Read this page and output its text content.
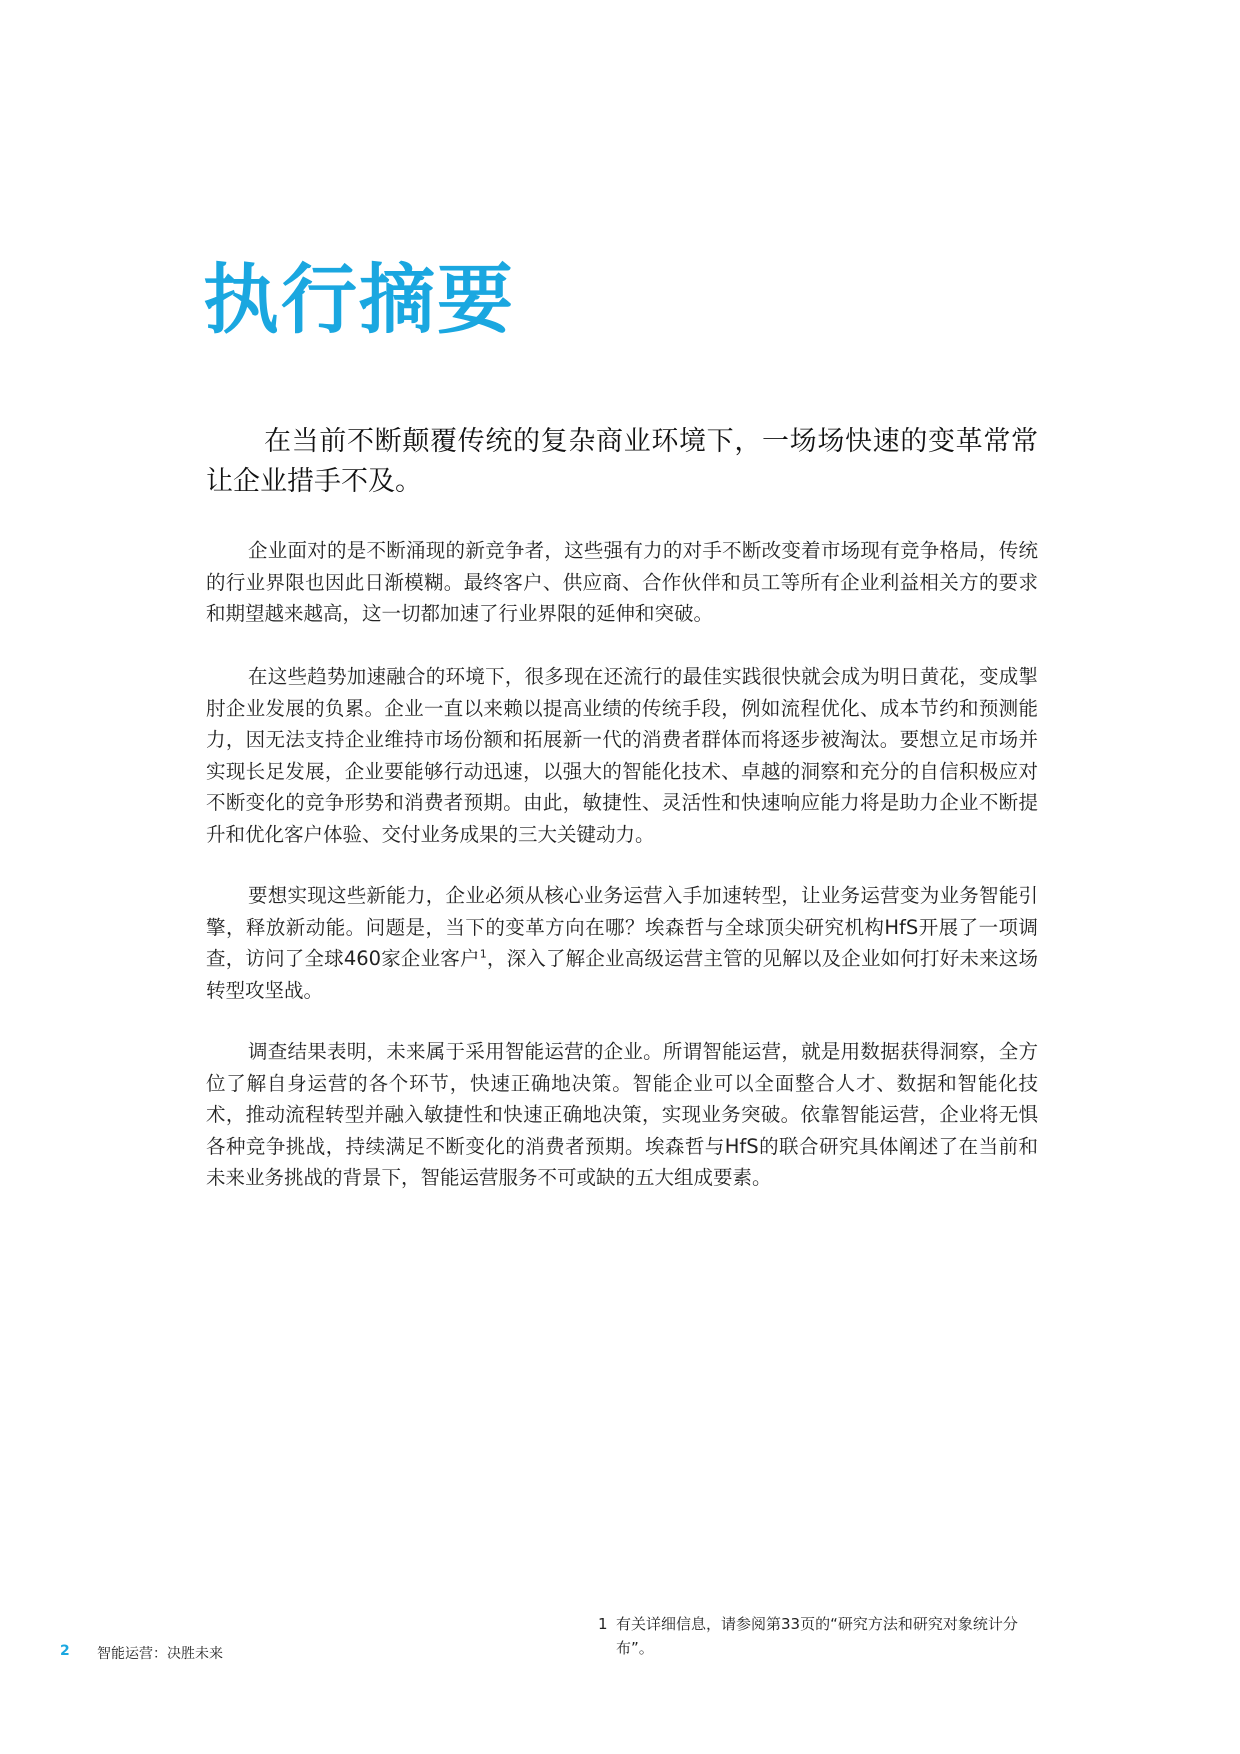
执行摘要

在当前不断颠覆传统的复杂商业环境下，一场场快速的变革常常让企业措手不及。

企业面对的是不断涌现的新竞争者，这些强有力的对手不断改变着市场现有竞争格局，传统的行业界限也因此日渐模糊。最终客户、供应商、合作伙伴和员工等所有企业利益相关方的要求和期望越来越高，这一切都加速了行业界限的延伸和突破。

在这些趋势加速融合的环境下，很多现在还流行的最佳实践很快就会成为明日黄花，变成掣肘企业发展的负累。企业一直以来赖以提高业绩的传统手段，例如流程优化、成本节约和预测能力，因无法支持企业维持市场份额和拓展新一代的消费者群体而将逐步被淘汰。要想立足市场并实现长足发展，企业要能够行动迅速，以强大的智能化技术、卓越的洞察和充分的自信积极应对不断变化的竞争形势和消费者预期。由此，敏捷性、灵活性和快速响应能力将是助力企业不断提升和优化客户体验、交付业务成果的三大关键动力。

要想实现这些新能力，企业必须从核心业务运营入手加速转型，让业务运营变为业务智能引擎，释放新动能。问题是，当下的变革方向在哪？埃森哲与全球顶尖研究机构HfS开展了一项调查，访问了全球460家企业客户$^1$，深入了解企业高级运营主管的见解以及企业如何打好未来这场转型攻坚战。

调查结果表明，未来属于采用智能运营的企业。所谓智能运营，就是用数据获得洞察，全方位了解自身运营的各个环节，快速正确地决策。智能企业可以全面整合人才、数据和智能化技术，推动流程转型并融入敏捷性和快速正确地决策，实现业务突破。依靠智能运营，企业将无惧各种竞争挑战，持续满足不断变化的消费者预期。埃森哲与HfS的联合研究具体阐述了在当前和未来业务挑战的背景下，智能运营服务不可或缺的五大组成要素。

1 有关详细信息，请参阅第33页的“研究方法和研究对象统计分布”。
2 智能运营：决胜未来
